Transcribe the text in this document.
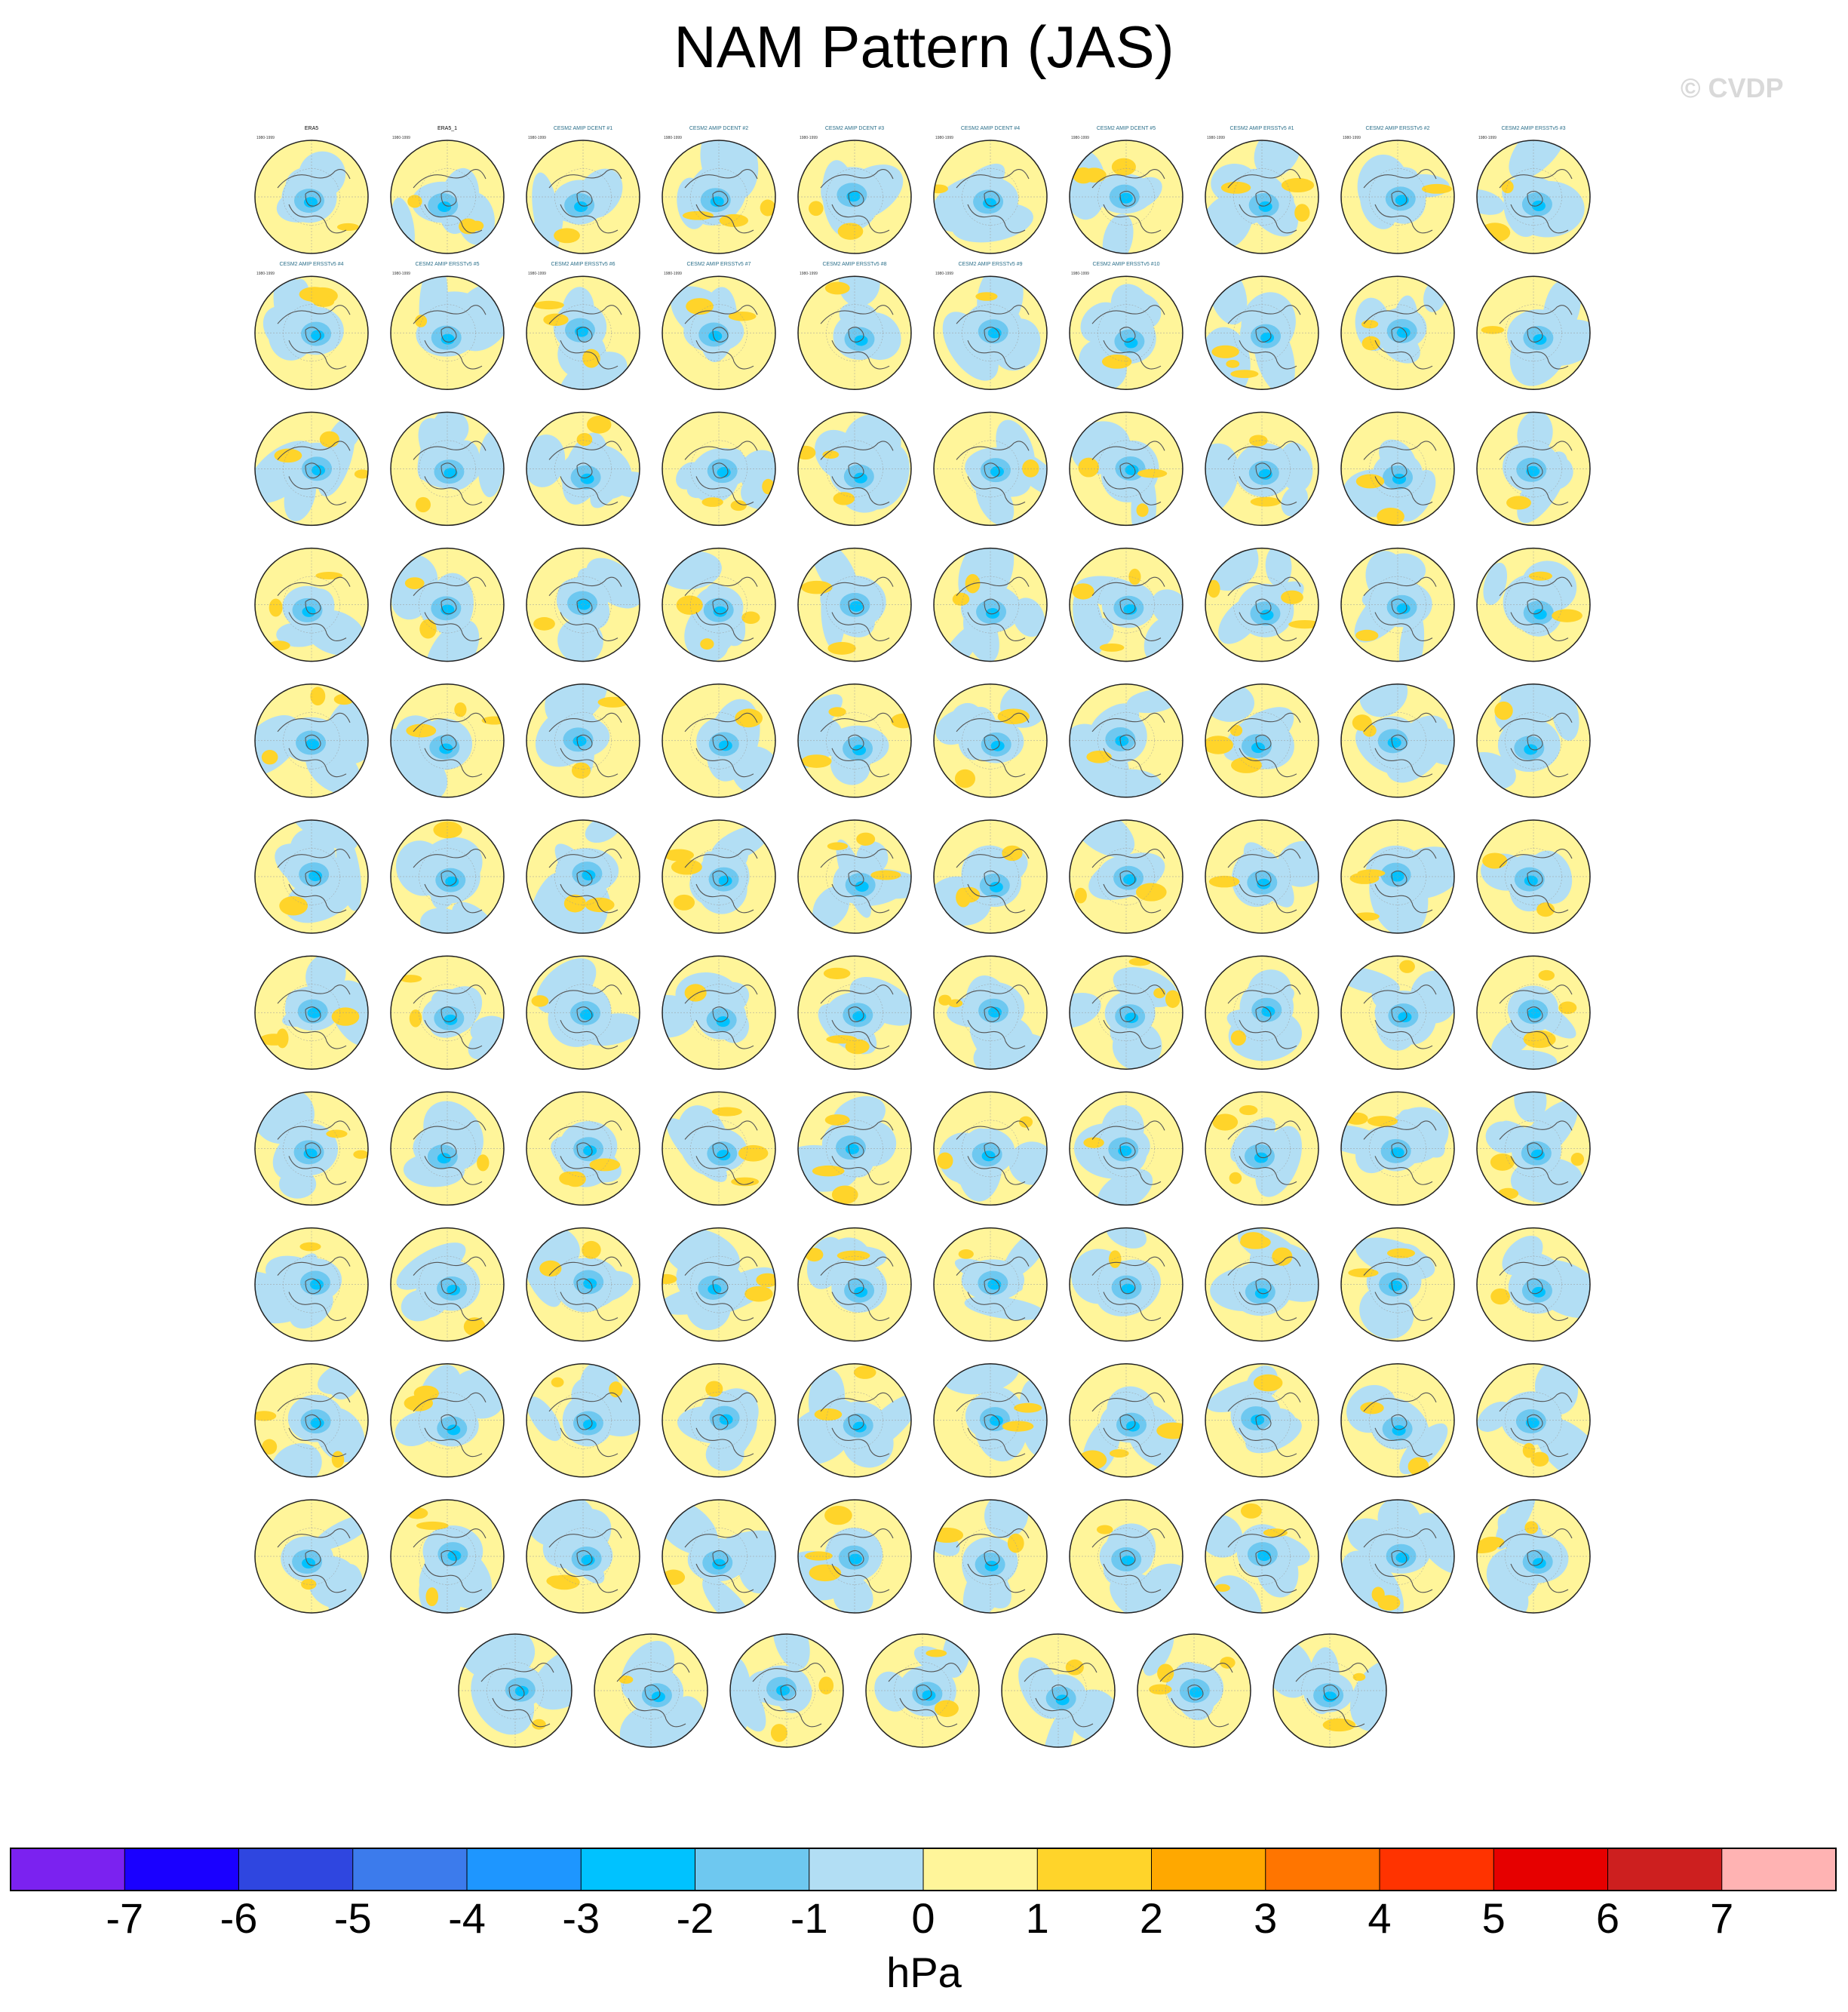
NAM Pattern (JAS)
© CVDP
ERA5
1980-1999
ERA5_1
1980-1999
CESM2 AMIP DCENT #1
1980-1999
CESM2 AMIP DCENT #2
1980-1999
CESM2 AMIP DCENT #3
1980-1999
CESM2 AMIP DCENT #4
1980-1999
CESM2 AMIP DCENT #5
1980-1999
CESM2 AMIP ERSSTv5 #1
1980-1999
CESM2 AMIP ERSSTv5 #2
1980-1999
CESM2 AMIP ERSSTv5 #3
1980-1999
CESM2 AMIP ERSSTv5 #4
1980-1999
CESM2 AMIP ERSSTv5 #5
1980-1999
CESM2 AMIP ERSSTv5 #6
1980-1999
CESM2 AMIP ERSSTv5 #7
1980-1999
CESM2 AMIP ERSSTv5 #8
1980-1999
CESM2 AMIP ERSSTv5 #9
1980-1999
CESM2 AMIP ERSSTv5 #10
1980-1999
-7 -6 -5 -4 -3 -2 -1 0 1 2 3 4 5 6 7
hPa
